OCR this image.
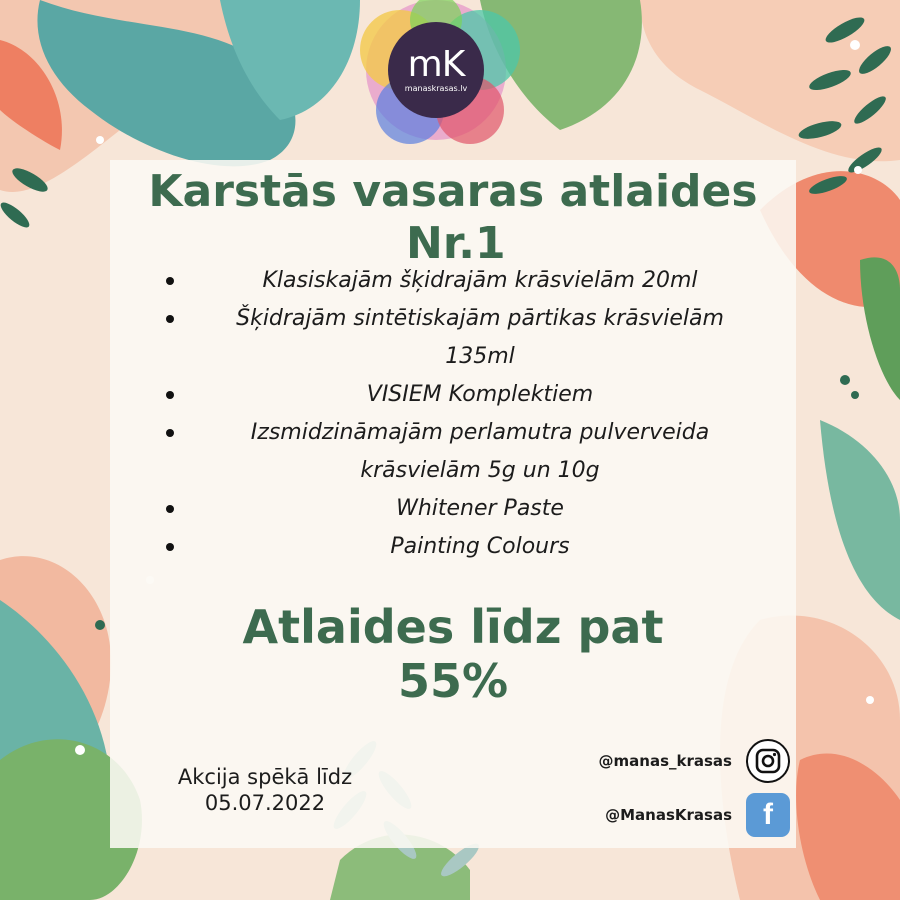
mK
manaskrasas.lv
Karstās vasaras atlaides
Nr.1
Klasiskajām šķidrajām krāsvielām 20ml
Šķidrajām sintētiskajām pārtikas krāsvielām 135ml
VISIEM Komplektiem
Izsmidzināmajām perlamutra pulverveida krāsvielām 5g un 10g
Whitener Paste
Painting Colours
Atlaides līdz pat
55%
Akcija spēkā līdz
05.07.2022
@manas_krasas
@ManasKrasas	f
